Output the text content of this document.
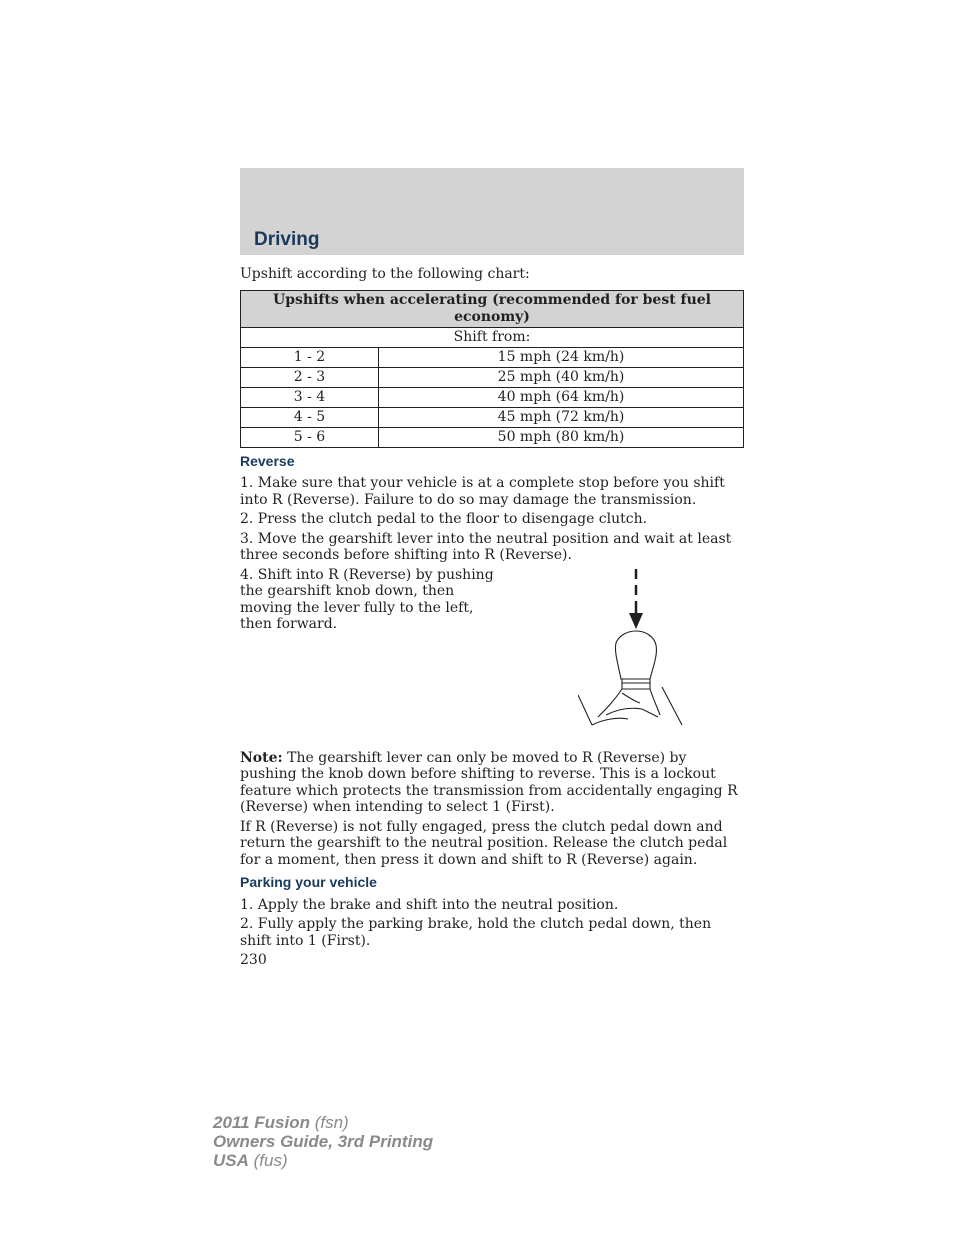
Driving

Upshift according to the following chart:

Upshifts when accelerating (recommended for best fuel economy)	
Shift from:	
1 - 2	15 mph (24 km/h)
2 - 3	25 mph (40 km/h)
3 - 4	40 mph (64 km/h)
4 - 5	45 mph (72 km/h)
5 - 6	50 mph (80 km/h)
Reverse

1. Make sure that your vehicle is at a complete stop before you shift into R (Reverse). Failure to do so may damage the transmission.

2. Press the clutch pedal to the floor to disengage clutch.

3. Move the gearshift lever into the neutral position and wait at least three seconds before shifting into R (Reverse).

4. Shift into R (Reverse) by pushing the gearshift knob down, then moving the lever fully to the left, then forward.

Note: The gearshift lever can only be moved to R (Reverse) by pushing the knob down before shifting to reverse. This is a lockout feature which protects the transmission from accidentally engaging R (Reverse) when intending to select 1 (First).

If R (Reverse) is not fully engaged, press the clutch pedal down and return the gearshift to the neutral position. Release the clutch pedal for a moment, then press it down and shift to R (Reverse) again.

Parking your vehicle

1. Apply the brake and shift into the neutral position.

2. Fully apply the parking brake, hold the clutch pedal down, then shift into 1 (First).

230
2011 Fusion (fsn)
Owners Guide, 3rd Printing
USA (fus)
